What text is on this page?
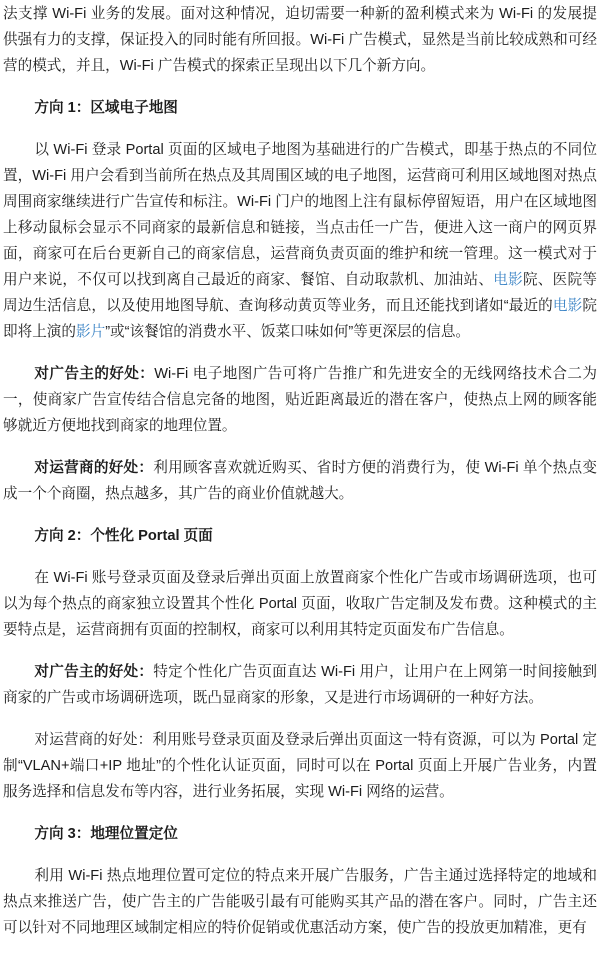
法支撑 Wi-Fi 业务的发展。面对这种情况，迫切需要一种新的盈利模式来为 Wi-Fi 的发展提供强有力的支撑，保证投入的同时能有所回报。Wi-Fi 广告模式，显然是当前比较成熟和可经营的模式，并且，Wi-Fi 广告模式的探索正呈现出以下几个新方向。

方向 1：区域电子地图

以 Wi-Fi 登录 Portal 页面的区域电子地图为基础进行的广告模式，即基于热点的不同位置，Wi-Fi 用户会看到当前所在热点及其周围区域的电子地图，运营商可利用区域地图对热点周围商家继续进行广告宣传和标注。Wi-Fi 门户的地图上注有鼠标停留短语，用户在区域地图上移动鼠标会显示不同商家的最新信息和链接，当点击任一广告，便进入这一商户的网页界面，商家可在后台更新自己的商家信息，运营商负责页面的维护和统一管理。这一模式对于用户来说，不仅可以找到离自己最近的商家、餐馆、自动取款机、加油站、电影院、医院等周边生活信息，以及使用地图导航、查询移动黄页等业务，而且还能找到诸如“最近的电影院即将上演的影片”或“该餐馆的消费水平、饭菜口味如何”等更深层的信息。

对广告主的好处：Wi-Fi 电子地图广告可将广告推广和先进安全的无线网络技术合二为一，使商家广告宣传结合信息完备的地图，贴近距离最近的潜在客户，使热点上网的顾客能够就近方便地找到商家的地理位置。

对运营商的好处：利用顾客喜欢就近购买、省时方便的消费行为，使 Wi-Fi 单个热点变成一个个商圈，热点越多，其广告的商业价值就越大。

方向 2：个性化 Portal 页面

在 Wi-Fi 账号登录页面及登录后弹出页面上放置商家个性化广告或市场调研选项，也可以为每个热点的商家独立设置其个性化 Portal 页面，收取广告定制及发布费。这种模式的主要特点是，运营商拥有页面的控制权，商家可以利用其特定页面发布广告信息。

对广告主的好处：特定个性化广告页面直达 Wi-Fi 用户，让用户在上网第一时间接触到商家的广告或市场调研选项，既凸显商家的形象，又是进行市场调研的一种好方法。

对运营商的好处：利用账号登录页面及登录后弹出页面这一特有资源，可以为 Portal 定制“VLAN+端口+IP 地址”的个性化认证页面，同时可以在 Portal 页面上开展广告业务，内置服务选择和信息发布等内容，进行业务拓展，实现 Wi-Fi 网络的运营。

方向 3：地理位置定位

利用 Wi-Fi 热点地理位置可定位的特点来开展广告服务，广告主通过选择特定的地域和热点来推送广告，使广告主的广告能吸引最有可能购买其产品的潜在客户。同时，广告主还可以针对不同地理区域制定相应的特价促销或优惠活动方案，使广告的投放更加精准，更有
